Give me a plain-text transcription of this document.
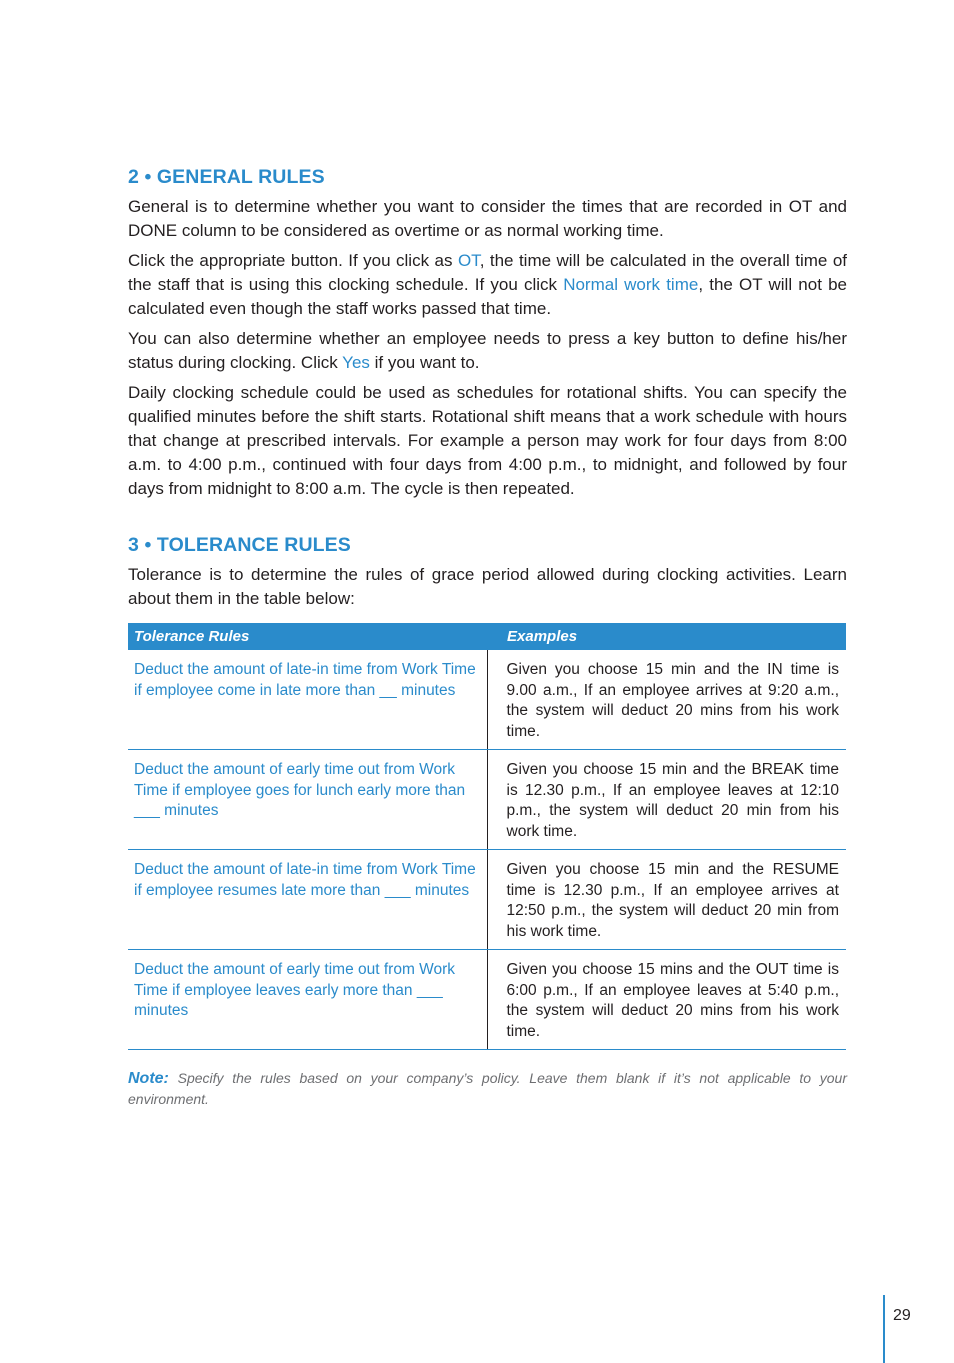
2 • GENERAL RULES

General is to determine whether you want to consider the times that are recorded in OT and DONE column to be considered as overtime or as normal working time.

Click the appropriate button. If you click as OT, the time will be calculated in the overall time of the staff that is using this clocking schedule. If you click Normal work time, the OT will not be calculated even though the staff works passed that time.

You can also determine whether an employee needs to press a key button to define his/her status during clocking. Click Yes if you want to.

Daily clocking schedule could be used as schedules for rotational shifts. You can specify the qualified minutes before the shift starts. Rotational shift means that a work schedule with hours that change at prescribed intervals. For example a person may work for four days from 8:00 a.m. to 4:00 p.m., continued with four days from 4:00 p.m., to midnight, and followed by four days from midnight to 8:00 a.m. The cycle is then repeated.

3 • TOLERANCE RULES

Tolerance is to determine the rules of grace period allowed during clocking activities. Learn about them in the table below:

Tolerance Rules	Examples
Deduct the amount of late-in time from Work Time if employee come in late more than __ minutes	Given you choose 15 min and the IN time is 9.00 a.m., If an employee arrives at 9:20 a.m., the system will deduct 20 mins from his work time.
Deduct the amount of early time out from Work Time if employee goes for lunch early more than ___ minutes	Given you choose 15 min and the BREAK time is 12.30 p.m., If an employee leaves at 12:10 p.m., the system will deduct 20 min from his work time.
Deduct the amount of late-in time from Work Time if employee resumes late more than ___ minutes	Given you choose 15 min and the RESUME time is 12.30 p.m., If an employee arrives at 12:50 p.m., the system will deduct 20 min from his work time.
Deduct the amount of early time out from Work Time if employee leaves early more than ___ minutes	Given you choose 15 mins and the OUT time is 6:00 p.m., If an employee leaves at 5:40 p.m., the system will deduct 20 mins from his work time.

Note: Specify the rules based on your company’s policy. Leave them blank if it’s not applicable to your environment.

29
